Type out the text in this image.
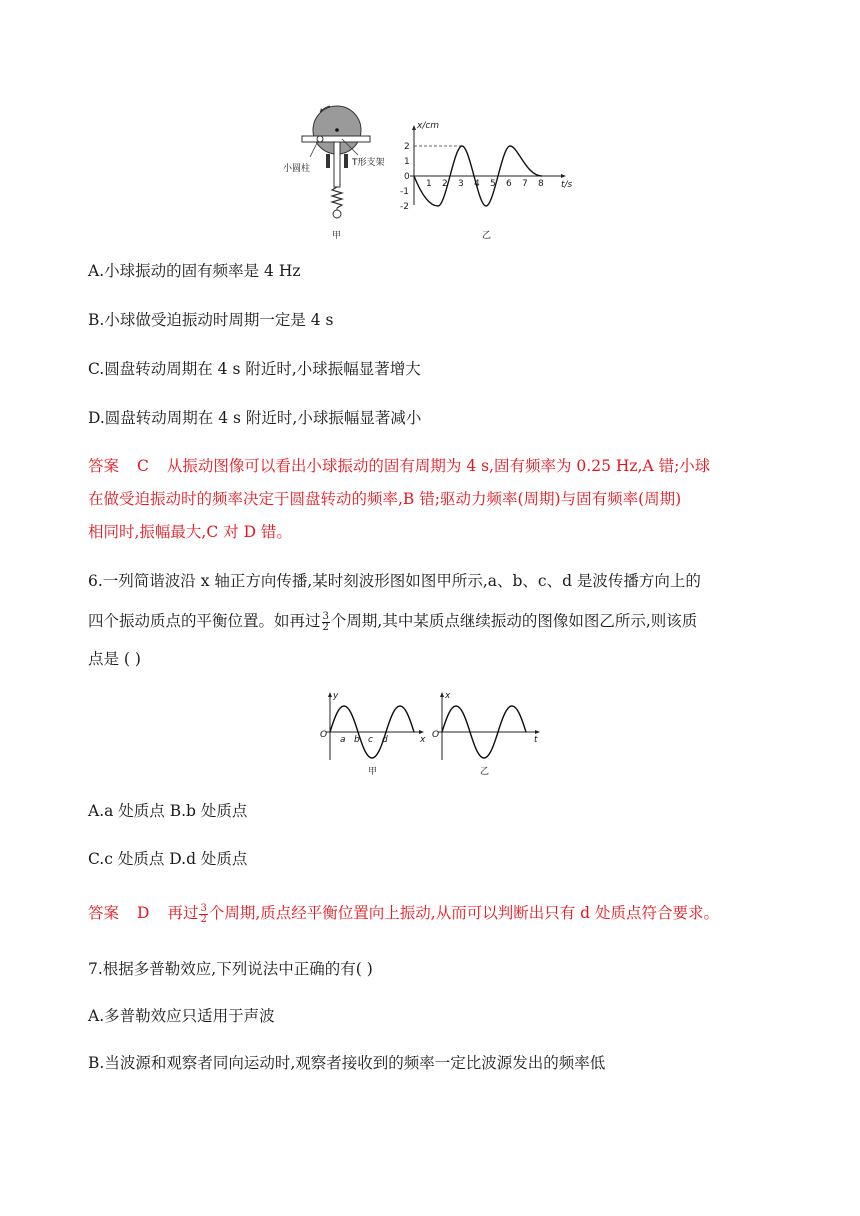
小圆柱
T形支架
甲
x/cm
t/s
2
1
0
-1
-2
1 2 3 4 5 6 7 8
乙
A.小球振动的固有频率是 4 Hz
B.小球做受迫振动时周期一定是 4 s
C.圆盘转动周期在 4 s 附近时,小球振幅显著增大
D.圆盘转动周期在 4 s 附近时,小球振幅显著减小
答案 C 从振动图像可以看出小球振动的固有周期为 4 s,固有频率为 0.25 Hz,A 错;小球
在做受迫振动时的频率决定于圆盘转动的频率,B 错;驱动力频率(周期)与固有频率(周期)
相同时,振幅最大,C 对 D 错。
6.一列简谐波沿 x 轴正方向传播,某时刻波形图如图甲所示,a、b、c、d 是波传播方向上的
四个振动质点的平衡位置。如再过 $\frac{3}{2}$ 个周期,其中某质点继续振动的图像如图乙所示,则该质
点是 ( )
y
x
O a b c d
甲
x
t
O
乙
A.a 处质点 B.b 处质点
C.c 处质点 D.d 处质点
答案 D 再过 $\frac{3}{2}$ 个周期,质点经平衡位置向上振动,从而可以判断出只有 d 处质点符合要求。
7.根据多普勒效应,下列说法中正确的有( )
A.多普勒效应只适用于声波
B.当波源和观察者同向运动时,观察者接收到的频率一定比波源发出的频率低
